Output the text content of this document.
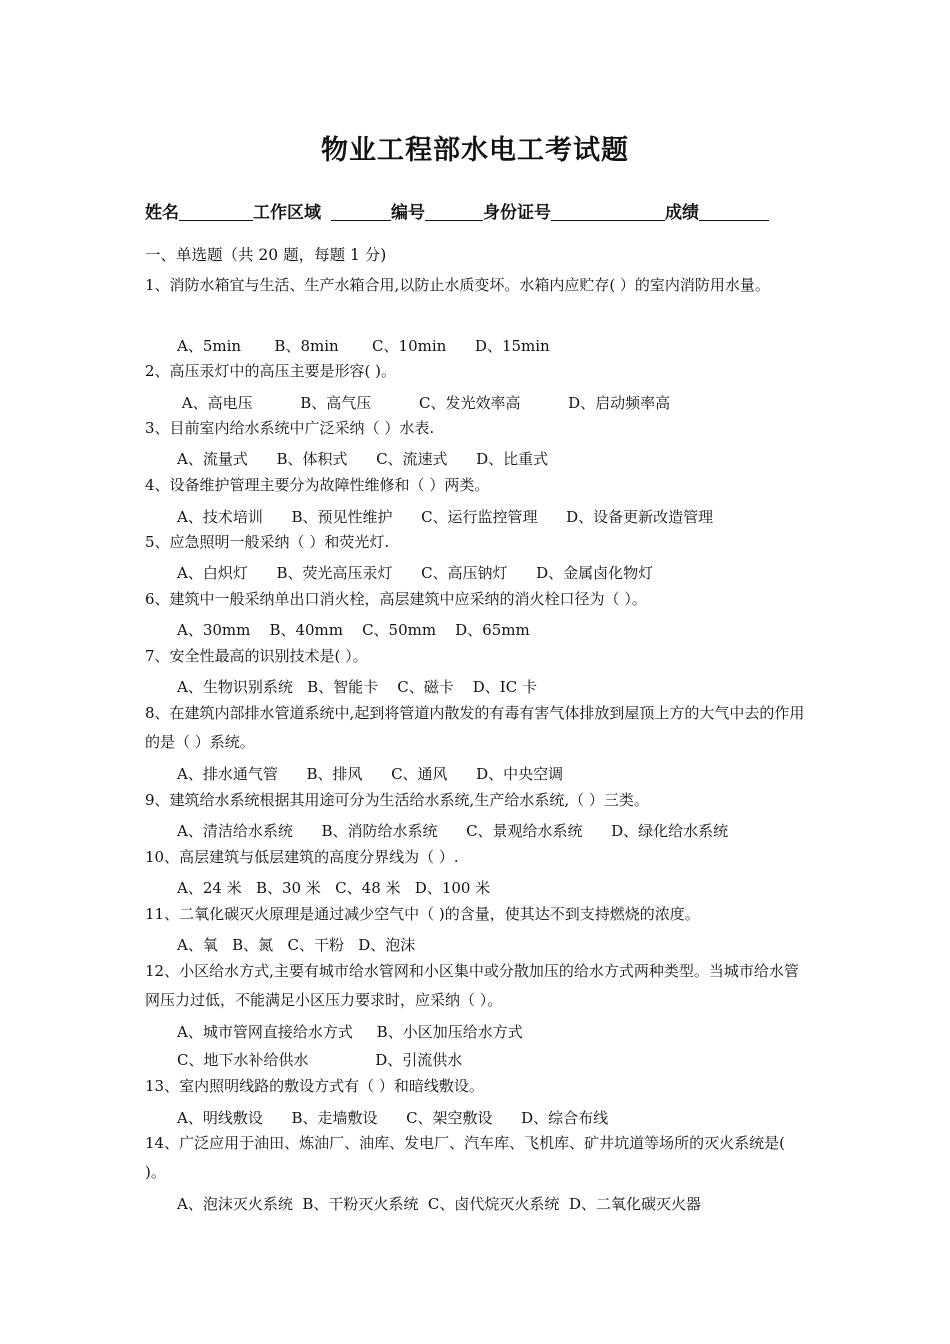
物业工程部水电工考试题
姓名	工作区域	编号	身份证号	成绩
一、单选题（共 20 题，每题 1 分)
1、消防水箱宜与生活、生产水箱合用,以防止水质变坏。水箱内应贮存( ）的室内消防用水量。
A、5min       B、8min       C、10min      D、15min
2、高压汞灯中的高压主要是形容( )。
A、高电压          B、高气压          C、发光效率高          D、启动频率高
3、目前室内给水系统中广泛采纳（ ）水表.
A、流量式      B、体积式      C、流速式      D、比重式
4、设备维护管理主要分为故障性维修和（ ）两类。
A、技术培训      B、预见性维护      C、运行监控管理      D、设备更新改造管理
5、应急照明一般采纳（ ）和荧光灯.
A、白炽灯      B、荧光高压汞灯      C、高压钠灯      D、金属卤化物灯
6、建筑中一般采纳单出口消火栓，高层建筑中应采纳的消火栓口径为（ ）。
A、30mm    B、40mm    C、50mm    D、65mm
7、安全性最高的识别技术是( ）。
A、生物识别系统   B、智能卡    C、磁卡    D、IC 卡
8、在建筑内部排水管道系统中,起到将管道内散发的有毒有害气体排放到屋顶上方的大气中去的作用的是（ ）系统。
A、排水通气管      B、排风      C、通风      D、中央空调
9、建筑给水系统根据其用途可分为生活给水系统,生产给水系统,（ ）三类。
A、清洁给水系统      B、消防给水系统      C、景观给水系统      D、绿化给水系统
10、高层建筑与低层建筑的高度分界线为（ ）.
A、24 米   B、30 米   C、48 米   D、100 米
11、二氧化碳灭火原理是通过减少空气中（ )的含量，使其达不到支持燃烧的浓度。
A、氧   B、氮   C、干粉   D、泡沫
12、小区给水方式,主要有城市给水管网和小区集中或分散加压的给水方式两种类型。当城市给水管网压力过低，不能满足小区压力要求时，应采纳（ ）。
A、城市管网直接给水方式     B、小区加压给水方式
C、地下水补给供水              D、引流供水
13、室内照明线路的敷设方式有（ ）和暗线敷设。
A、明线敷设      B、走墙敷设      C、架空敷设      D、综合布线
14、广泛应用于油田、炼油厂、油库、发电厂、汽车库、飞机库、矿井坑道等场所的灭火系统是( )。
A、泡沫灭火系统  B、干粉灭火系统  C、卤代烷灭火系统  D、二氧化碳灭火器
